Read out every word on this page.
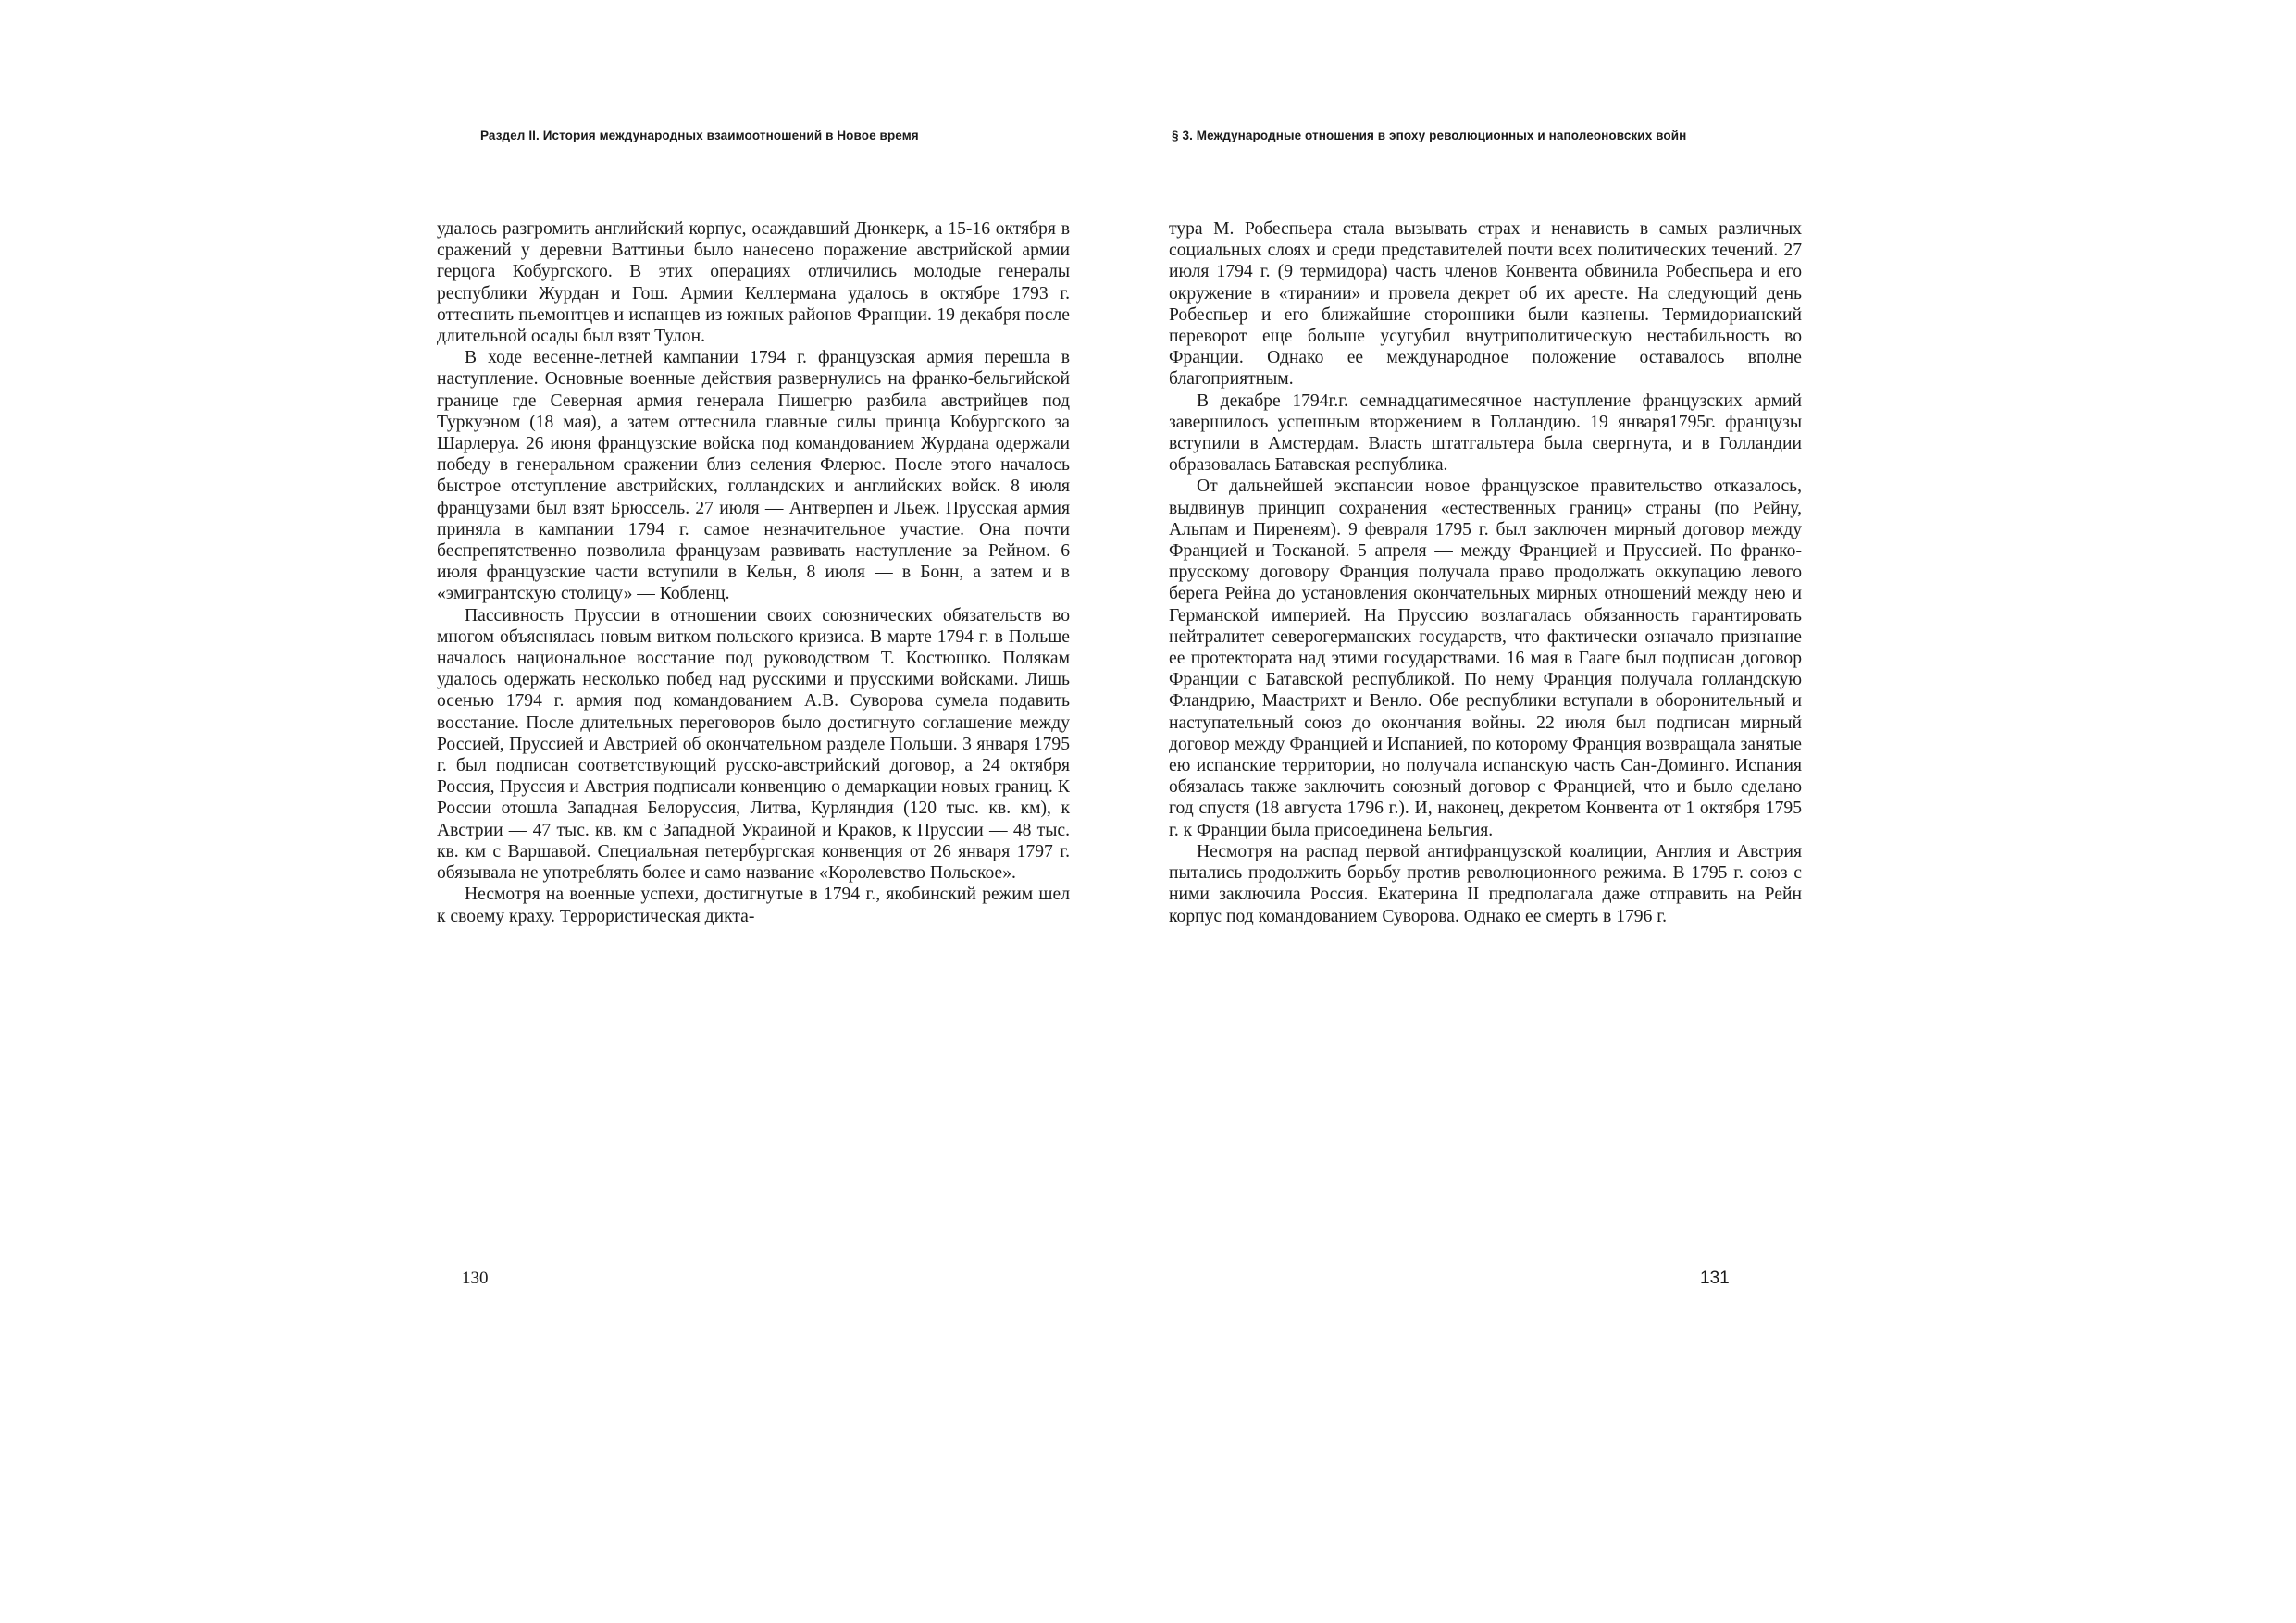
Раздел II. История международных взаимоотношений в Новое время

удалось разгромить английский корпус, осаждавший Дюнкерк, а 15-16 октября в сражений у деревни Ваттиньи было нанесено поражение австрийской армии герцога Кобургского. В этих операциях отличились молодые генералы республики Журдан и Гош. Армии Келлермана удалось в октябре 1793 г. оттеснить пьемонтцев и испанцев из южных районов Франции. 19 декабря после длительной осады был взят Тулон.

В ходе весенне-летней кампании 1794 г. французская армия перешла в наступление. Основные военные действия развернулись на франко-бельгийской границе где Северная армия генерала Пишегрю разбила австрийцев под Туркуэном (18 мая), а затем оттеснила главные силы принца Кобургского за Шарлеруа. 26 июня французские войска под командованием Журдана одержали победу в генеральном сражении близ селения Флерюс. После этого началось быстрое отступление австрийских, голландских и английских войск. 8 июля французами был взят Брюссель. 27 июля — Антверпен и Льеж. Прусская армия приняла в кампании 1794 г. самое незначительное участие. Она почти беспрепятственно позволила французам развивать наступление за Рейном. 6 июля французские части вступили в Кельн, 8 июля — в Бонн, а затем и в «эмигрантскую столицу» — Кобленц.

Пассивность Пруссии в отношении своих союзнических обязательств во многом объяснялась новым витком польского кризиса. В марте 1794 г. в Польше началось национальное восстание под руководством Т. Костюшко. Полякам удалось одержать несколько побед над русскими и прусскими войсками. Лишь осенью 1794 г. армия под командованием А.В. Суворова сумела подавить восстание. После длительных переговоров было достигнуто соглашение между Россией, Пруссией и Австрией об окончательном разделе Польши. 3 января 1795 г. был подписан соответствующий русско-австрийский договор, а 24 октября Россия, Пруссия и Австрия подписали конвенцию о демаркации новых границ. К России отошла Западная Белоруссия, Литва, Курляндия (120 тыс. кв. км), к Австрии — 47 тыс. кв. км с Западной Украиной и Краков, к Пруссии — 48 тыс. кв. км с Варшавой. Специальная петербургская конвенция от 26 января 1797 г. обязывала не употреблять более и само название «Королевство Польское».

Несмотря на военные успехи, достигнутые в 1794 г., якобинский режим шел к своему краху. Террористическая дикта-

130
§ 3. Международные отношения в эпоху революционных и наполеоновских войн

тура М. Робеспьера стала вызывать страх и ненависть в самых различных социальных слоях и среди представителей почти всех политических течений. 27 июля 1794 г. (9 термидора) часть членов Конвента обвинила Робеспьера и его окружение в «тирании» и провела декрет об их аресте. На следующий день Робеспьер и его ближайшие сторонники были казнены. Термидорианский переворот еще больше усугубил внутриполитическую нестабильность во Франции. Однако ее международное положение оставалось вполне благоприятным.

В декабре 1794г.г. семнадцатимесячное наступление французских армий завершилось успешным вторжением в Голландию. 19 января1795г. французы вступили в Амстердам. Власть штатгальтера была свергнута, и в Голландии образовалась Батавская республика.

От дальнейшей экспансии новое французское правительство отказалось, выдвинув принцип сохранения «естественных границ» страны (по Рейну, Альпам и Пиренеям). 9 февраля 1795 г. был заключен мирный договор между Францией и Тосканой. 5 апреля — между Францией и Пруссией. По франко-прусскому договору Франция получала право продолжать оккупацию левого берега Рейна до установления окончательных мирных отношений между нею и Германской империей. На Пруссию возлагалась обязанность гарантировать нейтралитет северогерманских государств, что фактически означало признание ее протектората над этими государствами. 16 мая в Гааге был подписан договор Франции с Батавской республикой. По нему Франция получала голландскую Фландрию, Маастрихт и Венло. Обе республики вступали в оборонительный и наступательный союз до окончания войны. 22 июля был подписан мирный договор между Францией и Испанией, по которому Франция возвращала занятые ею испанские территории, но получала испанскую часть Сан-Доминго. Испания обязалась также заключить союзный договор с Францией, что и было сделано год спустя (18 августа 1796 г.). И, наконец, декретом Конвента от 1 октября 1795 г. к Франции была присоединена Бельгия.

Несмотря на распад первой антифранцузской коалиции, Англия и Австрия пытались продолжить борьбу против революционного режима. В 1795 г. союз с ними заключила Россия. Екатерина II предполагала даже отправить на Рейн корпус под командованием Суворова. Однако ее смерть в 1796 г.

131
